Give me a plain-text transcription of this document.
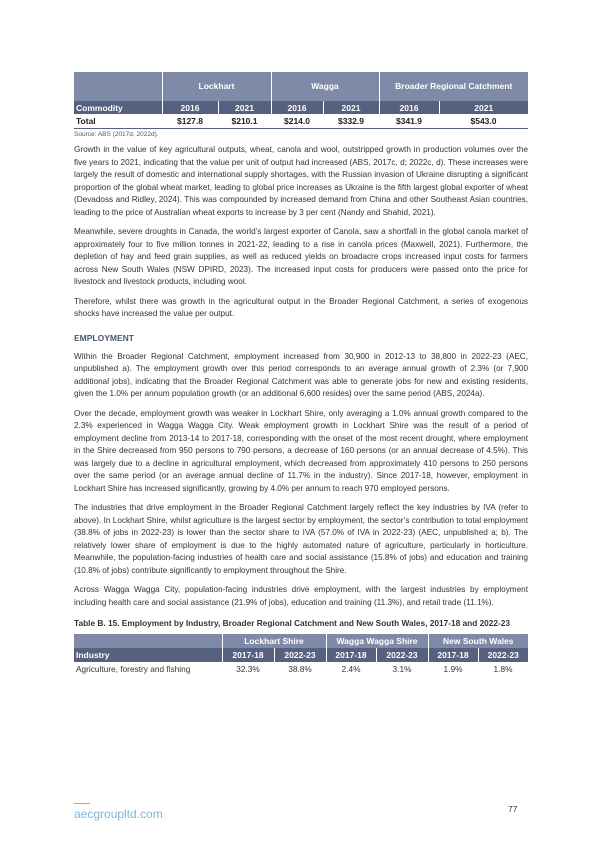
	Lockhart		Wagga		Broader Regional Catchment	
Commodity	2016	2021	2016	2021	2016	2021
Total	$127.8	$210.1	$214.0	$332.9	$341.9	$543.0
Source: ABS (2017d, 2022d).

Growth in the value of key agricultural outputs, wheat, canola and wool, outstripped growth in production volumes over the five years to 2021, indicating that the value per unit of output had increased (ABS, 2017c, d; 2022c, d). These increases were largely the result of domestic and international supply shortages, with the Russian invasion of Ukraine disrupting a significant proportion of the global wheat market, leading to global price increases as Ukraine is the fifth largest global exporter of wheat (Devadoss and Ridley, 2024). This was compounded by increased demand from China and other Southeast Asian countries, leading to the price of Australian wheat exports to increase by 3 per cent (Nandy and Shahid, 2021).

Meanwhile, severe droughts in Canada, the world’s largest exporter of Canola, saw a shortfall in the global canola market of approximately four to five million tonnes in 2021-22, leading to a rise in canola prices (Maxwell, 2021). Furthermore, the depletion of hay and feed grain supplies, as well as reduced yields on broadacre crops increased input costs for farmers across New South Wales (NSW DPIRD, 2023). The increased input costs for producers were passed onto the price for livestock and livestock products, including wool.

Therefore, whilst there was growth in the agricultural output in the Broader Regional Catchment, a series of exogenous shocks have increased the value per output.

EMPLOYMENT

Within the Broader Regional Catchment, employment increased from 30,900 in 2012-13 to 38,800 in 2022-23 (AEC, unpublished a). The employment growth over this period corresponds to an average annual growth of 2.3% (or 7,900 additional jobs), indicating that the Broader Regional Catchment was able to generate jobs for new and existing residents, given the 1.0% per annum population growth (or an additional 6,600 resides) over the same period (ABS, 2024a).

Over the decade, employment growth was weaker in Lockhart Shire, only averaging a 1.0% annual growth compared to the 2.3% experienced in Wagga Wagga City. Weak employment growth in Lockhart Shire was the result of a period of employment decline from 2013-14 to 2017-18, corresponding with the onset of the most recent drought, where employment in the Shire decreased from 950 persons to 790 persons, a decrease of 160 persons (or an annual decrease of 4.5%). This was largely due to a decline in agricultural employment, which decreased from approximately 410 persons to 250 persons over the same period (or an average annual decline of 11.7% in the industry). Since 2017-18, however, employment in Lockhart Shire has increased significantly, growing by 4.0% per annum to reach 970 employed persons.

The industries that drive employment in the Broader Regional Catchment largely reflect the key industries by IVA (refer to above). In Lockhart Shire, whilst agriculture is the largest sector by employment, the sector’s contribution to total employment (38.8% of jobs in 2022-23) is lower than the sector share to IVA (57.0% of IVA in 2022-23) (AEC, unpublished a; b). The relatively lower share of employment is due to the highly automated nature of agriculture, particularly in horticulture. Meanwhile, the population-facing industries of health care and social assistance (15.8% of jobs) and education and training (10.8% of jobs) contribute significantly to employment throughout the Shire.

Across Wagga Wagga City, population-facing industries drive employment, with the largest industries by employment including health care and social assistance (21.9% of jobs), education and training (11.3%), and retail trade (11.1%).

Table B. 15. Employment by Industry, Broader Regional Catchment and New South Wales, 2017-18 and 2022-23
	Lockhart Shire		Wagga Wagga Shire		New South Wales	
Industry	2017-18	2022-23	2017-18	2022-23	2017-18	2022-23
Agriculture, forestry and fishing	32.3%	38.8%	2.4%	3.1%	1.9%	1.8%
aecgroupltd.com	77
